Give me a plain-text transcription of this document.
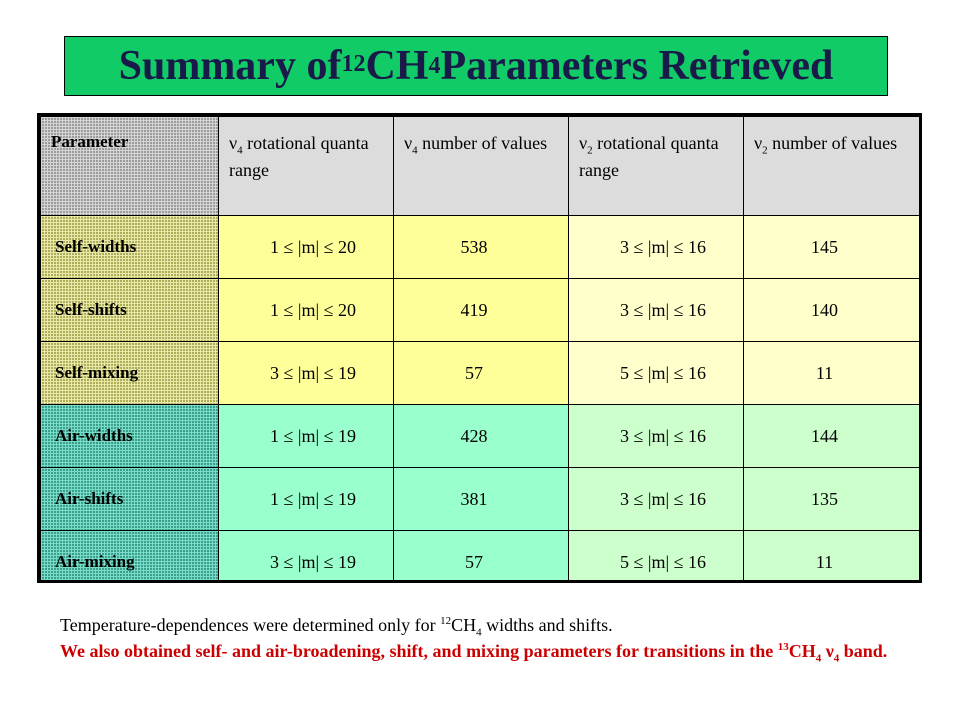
Summary of $^{12}$ CH 4 Parameters Retrieved
Parameter	$\nu_4$ rotational quanta range	$\nu_4$ number of values	$\nu_2$ rotational quanta range	$\nu_2$ number of values
Self-widths	1 ≤ |m| ≤ 20	538	3 ≤ |m| ≤ 16	145
Self-shifts	1 ≤ |m| ≤ 20	419	3 ≤ |m| ≤ 16	140
Self-mixing	3 ≤ |m| ≤ 19	57	5 ≤ |m| ≤ 16	11
Air-widths	1 ≤ |m| ≤ 19	428	3 ≤ |m| ≤ 16	144
Air-shifts	1 ≤ |m| ≤ 19	381	3 ≤ |m| ≤ 16	135
Air-mixing	3 ≤ |m| ≤ 19	57	5 ≤ |m| ≤ 16	11
Temperature-dependences were determined only for $^{12}CH_4$ widths and shifts.
We also obtained self- and air-broadening, shift, and mixing parameters for transitions in the $^{13}CH_4$ $\nu_4$ band.
